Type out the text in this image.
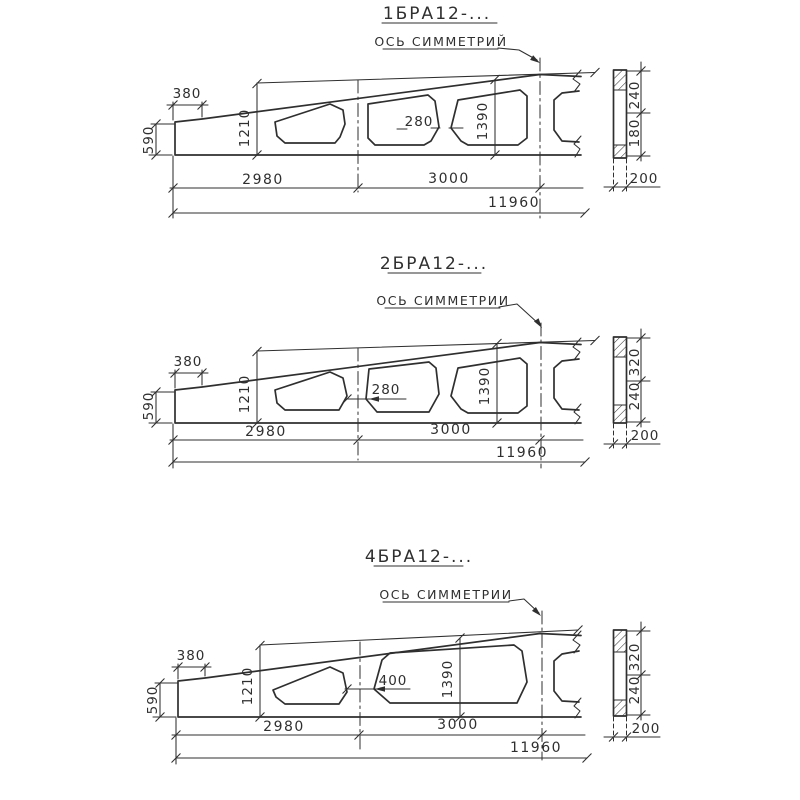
1БРА12-...
ОСЬ СИММЕТРИЙ
1210	1390
280
380
590
2980	3000
11960
240
180
200
2БРА12-...
ОСЬ СИММЕТРИИ
1210	1390
280
380
590
2980	3000
11960
320
240
200
4БРА12-...
ОСЬ СИММЕТРИИ
1210	1390
400
380
590
2980	3000
11960
320
240
200
